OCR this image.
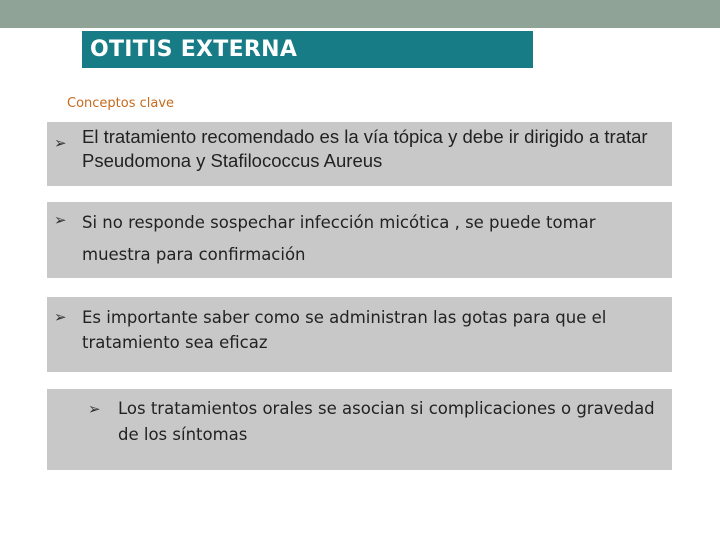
OTITIS EXTERNA
Conceptos clave
➢ El tratamiento recomendado es la vía tópica y debe ir dirigido a tratar Pseudomona y Stafilococcus Aureus
➢ Si no responde sospechar infección micótica , se puede tomar muestra para confirmación
➢ Es importante saber como se administran las gotas para que el tratamiento sea eficaz
➢ Los tratamientos orales se asocian si complicaciones o gravedad de los síntomas
